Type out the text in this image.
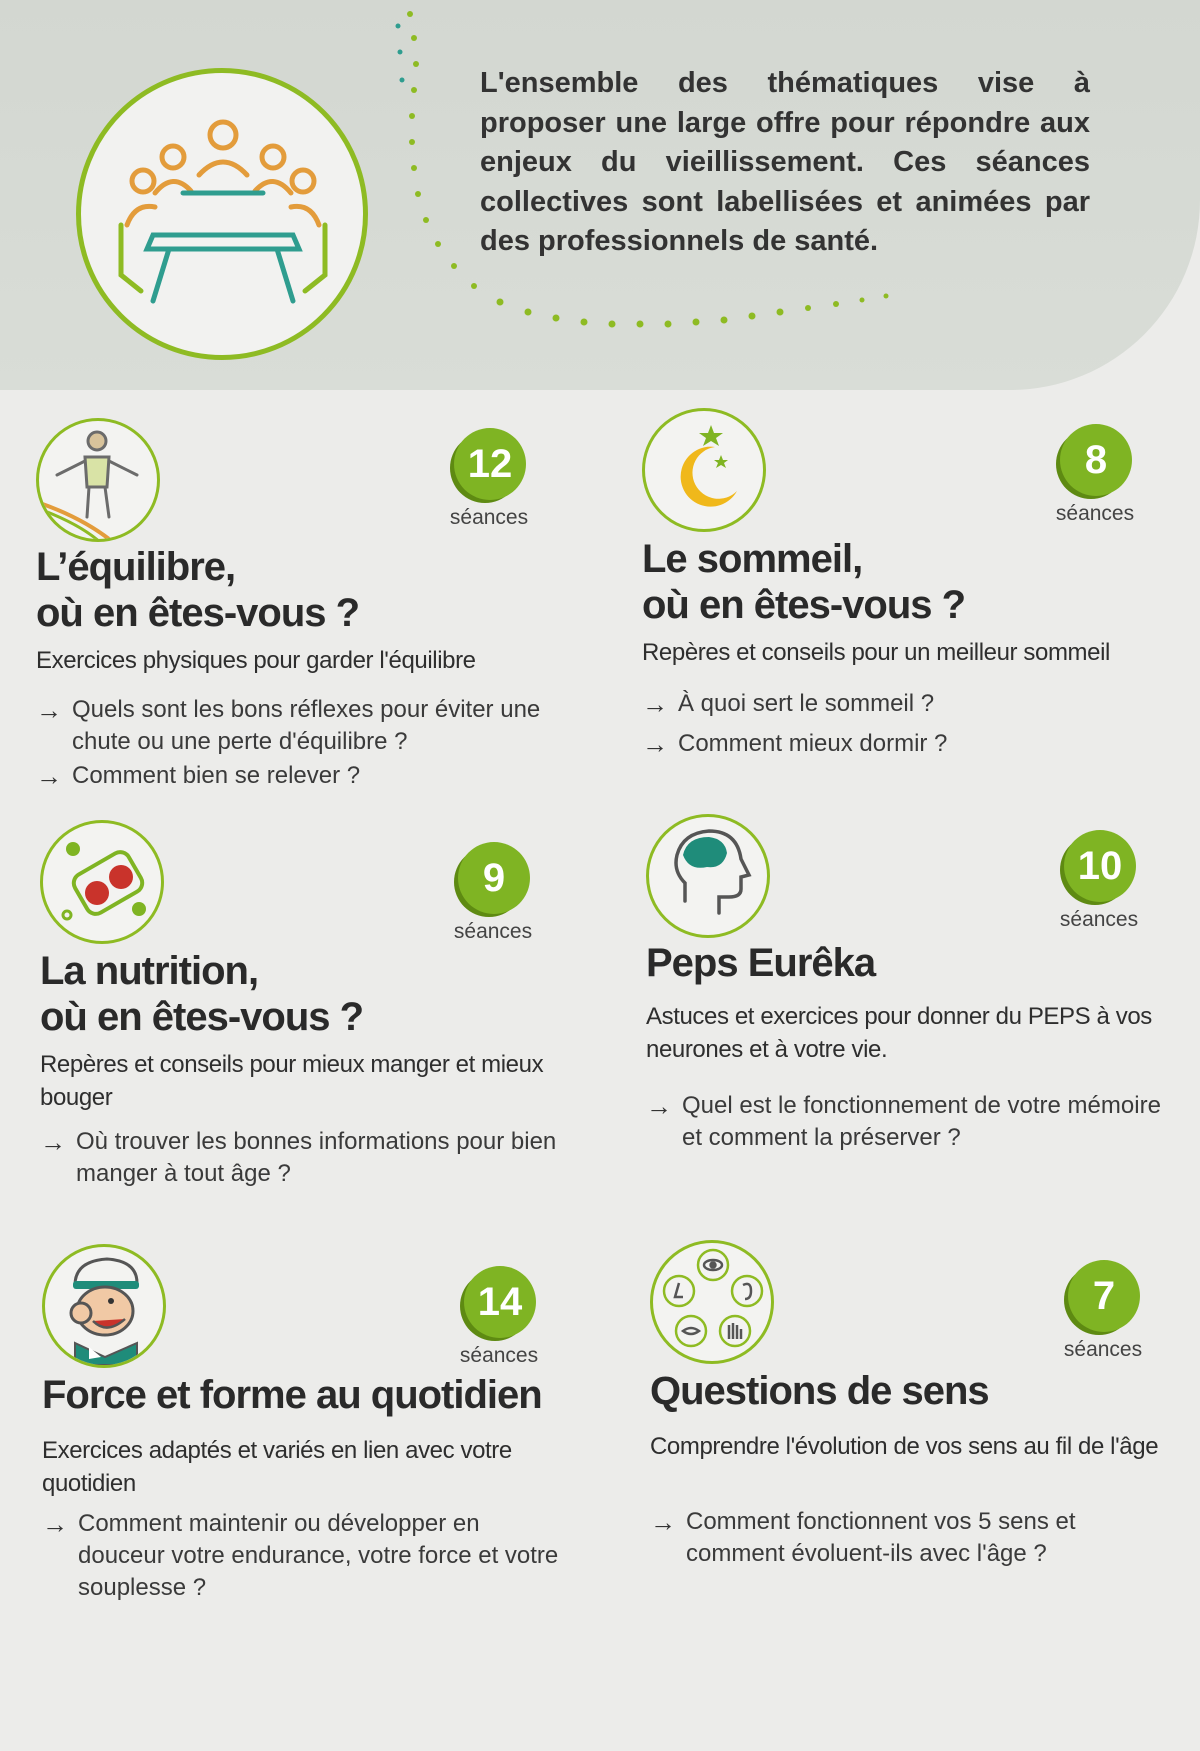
L'ensemble des thématiques vise à proposer une large offre pour répondre aux enjeux du vieillissement. Ces séances collectives sont labellisées et animées par des professionnels de santé.
12
séances
L’équilibre,
où en êtes-vous ?
Exercices physiques pour garder l'équilibre
→ Quels sont les bons réflexes pour éviter une chute ou une perte d'équilibre ?
→ Comment bien se relever ?
8
séances
Le sommeil,
où en êtes-vous ?
Repères et conseils pour un meilleur sommeil
→ À quoi sert le sommeil ?
→ Comment mieux dormir ?
9
séances
La nutrition,
où en êtes-vous ?
Repères et conseils pour mieux manger et mieux bouger
→ Où trouver les bonnes informations pour bien manger à tout âge ?
10
séances
Peps Eurêka
Astuces et exercices pour donner du PEPS à vos neurones et à votre vie.
→ Quel est le fonctionnement de votre mémoire et comment la préserver ?
14
séances
Force et forme au quotidien
Exercices adaptés et variés en lien avec votre quotidien
→ Comment maintenir ou développer en douceur votre endurance, votre force et votre souplesse ?
7
séances
Questions de sens
Comprendre l'évolution de vos sens au fil de l'âge
→ Comment fonctionnent vos 5 sens et comment évoluent-ils avec l'âge ?
